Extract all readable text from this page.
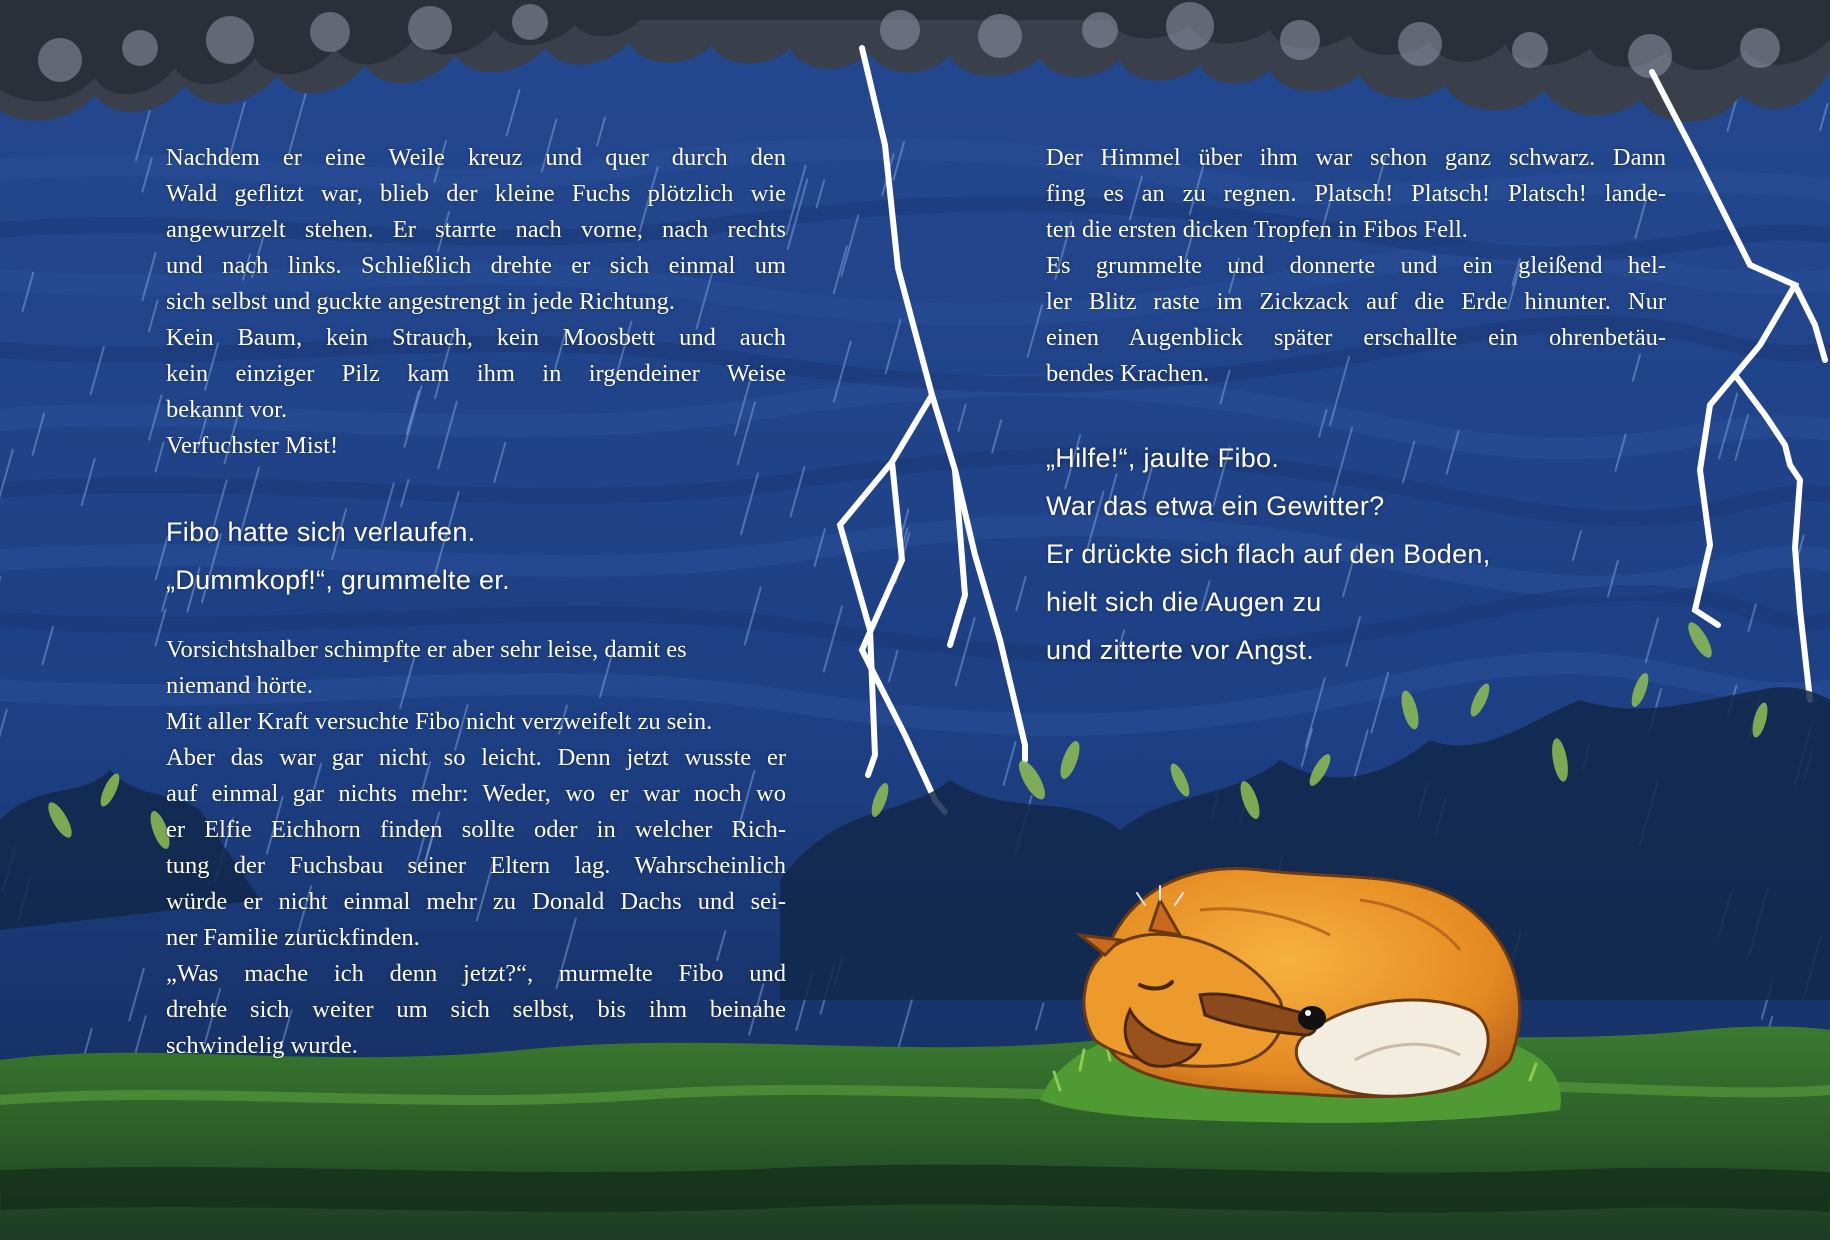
Nachdem er eine Weile kreuz und quer durch den
Wald geflitzt war, blieb der kleine Fuchs plötzlich wie
angewurzelt stehen. Er starrte nach vorne, nach rechts
und nach links. Schließlich drehte er sich einmal um
sich selbst und guckte angestrengt in jede Richtung.
Kein Baum, kein Strauch, kein Moosbett und auch
kein einziger Pilz kam ihm in irgendeiner Weise
bekannt vor.
Verfuchster Mist!
Fibo hatte sich verlaufen.
„Dummkopf!“, grummelte er.
Vorsichtshalber schimpfte er aber sehr leise, damit es
niemand hörte.
Mit aller Kraft versuchte Fibo nicht verzweifelt zu sein.
Aber das war gar nicht so leicht. Denn jetzt wusste er
auf einmal gar nichts mehr: Weder, wo er war noch wo
er Elfie Eichhorn finden sollte oder in welcher Rich-
tung der Fuchsbau seiner Eltern lag. Wahrscheinlich
würde er nicht einmal mehr zu Donald Dachs und sei-
ner Familie zurückfinden.
„Was mache ich denn jetzt?“, murmelte Fibo und
drehte sich weiter um sich selbst, bis ihm beinahe
schwindelig wurde.
Der Himmel über ihm war schon ganz schwarz. Dann
fing es an zu regnen. Platsch! Platsch! Platsch! lande-
ten die ersten dicken Tropfen in Fibos Fell.
Es grummelte und donnerte und ein gleißend hel-
ler Blitz raste im Zickzack auf die Erde hinunter. Nur
einen Augenblick später erschallte ein ohrenbetäu-
bendes Krachen.
„Hilfe!“, jaulte Fibo.
War das etwa ein Gewitter?
Er drückte sich flach auf den Boden,
hielt sich die Augen zu
und zitterte vor Angst.
